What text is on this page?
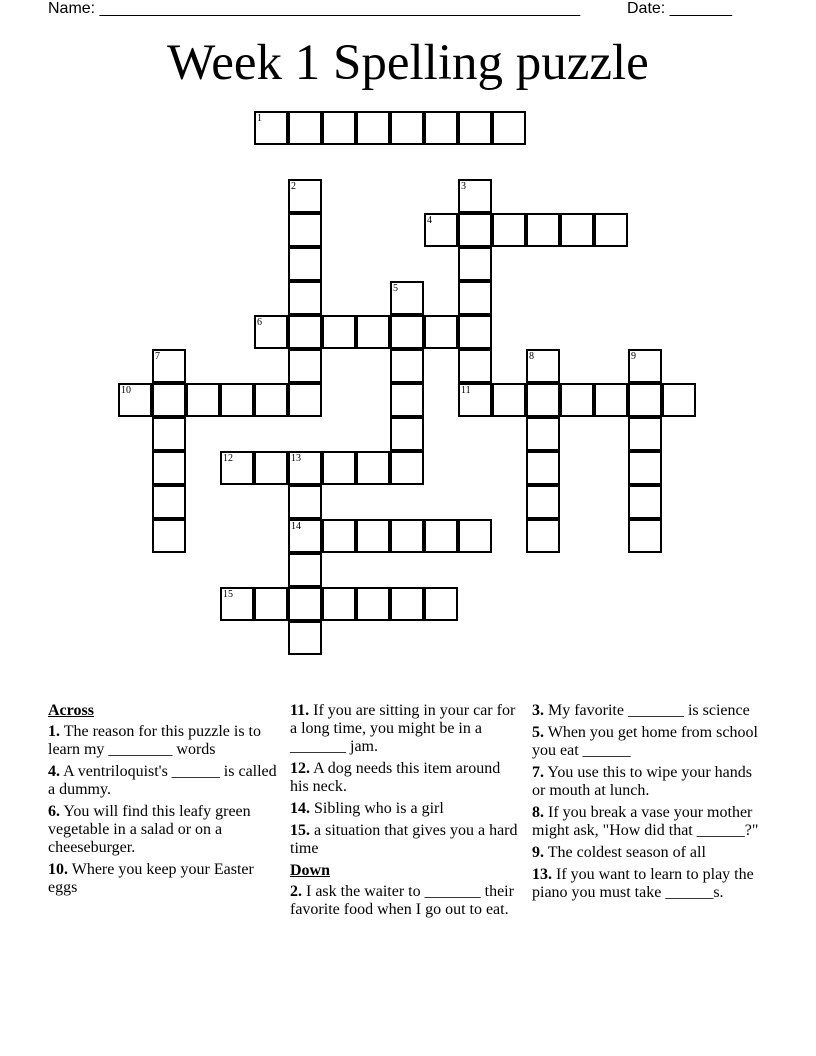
Name: ______________________________________________________	Date: _______
Week 1 Spelling puzzle
1
2	3
4
5
6
7	8	9
10	11
12	13
14
15
Across
1. The reason for this puzzle is to learn my ________ words
4. A ventriloquist's ______ is called a dummy.
6. You will find this leafy green vegetable in a salad or on a cheeseburger.
10. Where you keep your Easter eggs
11. If you are sitting in your car for a long time, you might be in a _______ jam.
12. A dog needs this item around his neck.
14. Sibling who is a girl
15. a situation that gives you a hard time
Down
2. I ask the waiter to _______ their favorite food when I go out to eat.
3. My favorite _______ is science
5. When you get home from school you eat ______
7. You use this to wipe your hands or mouth at lunch.
8. If you break a vase your mother might ask, "How did that ______?"
9. The coldest season of all
13. If you want to learn to play the piano you must take ______s.
